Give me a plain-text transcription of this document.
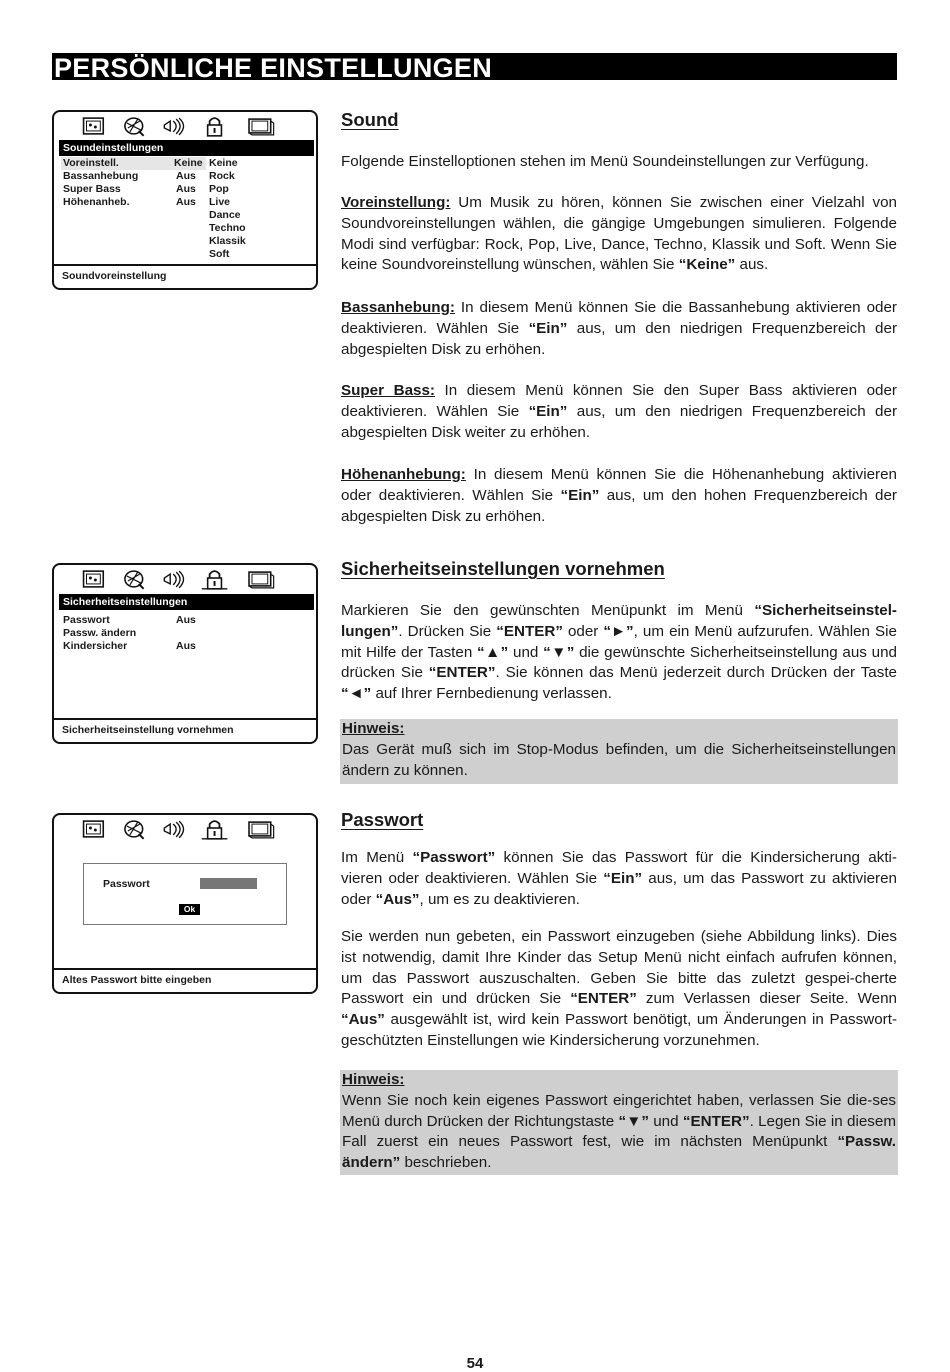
PERSÖNLICHE EINSTELLUNGEN
Soundeinstellungen
Voreinstell.	Keine
Bassanhebung	Aus
Super Bass	Aus
Höhenanheb.	Aus
Keine
Rock
Pop
Live
Dance
Techno
Klassik
Soft
Soundvoreinstellung
Sound
Folgende Einstelloptionen stehen im Menü Soundeinstellungen zur Verfügung.
Voreinstellung: Um Musik zu hören, können Sie zwischen einer Vielzahl von Soundvoreinstellungen wählen, die gängige Umgebungen simulieren. Folgende Modi sind verfügbar: Rock, Pop, Live, Dance, Techno, Klassik und Soft. Wenn Sie keine Soundvoreinstellung wünschen, wählen Sie “Keine” aus.
Bassanhebung: In diesem Menü können Sie die Bassanhebung aktivieren oder deaktivieren. Wählen Sie “Ein” aus, um den niedrigen Frequenzbereich der abgespielten Disk zu erhöhen.
Super Bass: In diesem Menü können Sie den Super Bass aktivieren oder deaktivieren. Wählen Sie “Ein” aus, um den niedrigen Frequenzbereich der abgespielten Disk weiter zu erhöhen.
Höhenanhebung: In diesem Menü können Sie die Höhenanhebung aktivieren oder deaktivieren. Wählen Sie “Ein” aus, um den hohen Frequenzbereich der abgespielten Disk zu erhöhen.
Sicherheitseinstellungen
Passwort	Aus
Passw. ändern
Kindersicher	Aus
Sicherheitseinstellung vornehmen
Sicherheitseinstellungen vornehmen
Markieren Sie den gewünschten Menüpunkt im Menü “Sicherheitseinstel-lungen”. Drücken Sie “ENTER” oder “►”, um ein Menü aufzurufen. Wählen Sie mit Hilfe der Tasten “▲” und “▼” die gewünschte Sicherheitseinstellung aus und drücken Sie “ENTER”. Sie können das Menü jederzeit durch Drücken der Taste “◄” auf Ihrer Fernbedienung verlassen.
Hinweis:
Das Gerät muß sich im Stop-Modus befinden, um die Sicherheitseinstellungen ändern zu können.
Passwort
Ok
Altes Passwort bitte eingeben
Passwort
Im Menü “Passwort” können Sie das Passwort für die Kindersicherung akti-vieren oder deaktivieren. Wählen Sie “Ein” aus, um das Passwort zu aktivieren oder “Aus”, um es zu deaktivieren.
Sie werden nun gebeten, ein Passwort einzugeben (siehe Abbildung links). Dies ist notwendig, damit Ihre Kinder das Setup Menü nicht einfach aufrufen können, um das Passwort auszuschalten. Geben Sie bitte das zuletzt gespei-cherte Passwort ein und drücken Sie “ENTER” zum Verlassen dieser Seite. Wenn “Aus” ausgewählt ist, wird kein Passwort benötigt, um Änderungen in Passwort-geschützten Einstellungen wie Kindersicherung vorzunehmen.
Hinweis:
Wenn Sie noch kein eigenes Passwort eingerichtet haben, verlassen Sie die-ses Menü durch Drücken der Richtungstaste “▼” und “ENTER”. Legen Sie in diesem Fall zuerst ein neues Passwort fest, wie im nächsten Menüpunkt “Passw. ändern” beschrieben.
54
